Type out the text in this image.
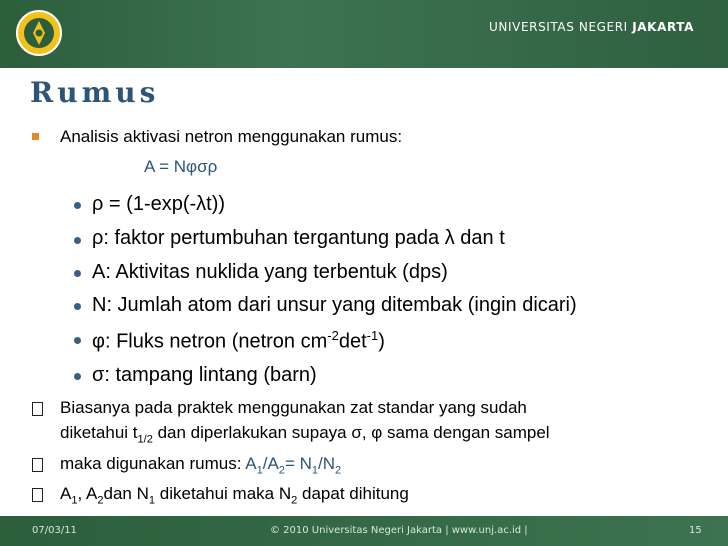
UNIVERSITAS NEGERI JAKARTA
Rumus
Analisis aktivasi netron menggunakan rumus:
A = Nφσρ
ρ = (1-exp(-λt))
ρ: faktor pertumbuhan tergantung pada λ dan t
A: Aktivitas nuklida yang terbentuk (dps)
N: Jumlah atom dari unsur yang ditembak (ingin dicari)
φ: Fluks netron (netron $cm^{-2}\det^{-1}$)
σ: tampang lintang (barn)
Biasanya pada praktek menggunakan zat standar yang sudah
diketahui $t_{1/2}$ dan diperlakukan supaya σ, φ sama dengan sampel
maka digunakan rumus: $A_1/A_2= N_1/N_2$
$A_1$, $A_2dan$ $N_1$ diketahui maka $N_2$ dapat dihitung
07/03/11	© 2010 Universitas Negeri Jakarta | www.unj.ac.id |	15
